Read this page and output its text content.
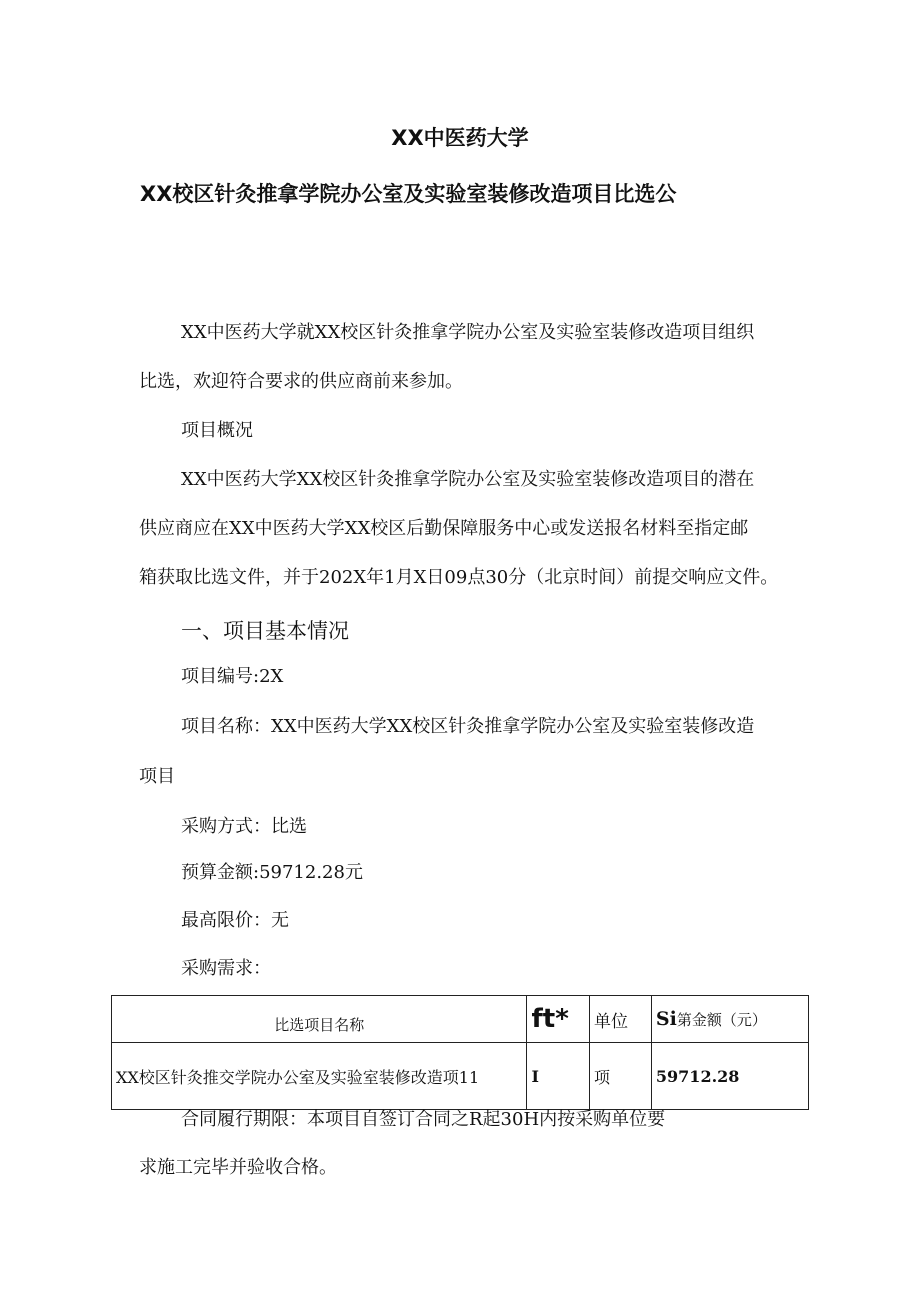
XX中医药大学
XX校区针灸推拿学院办公室及实验室装修改造项目比选公
XX中医药大学就XX校区针灸推拿学院办公室及实验室装修改造项目组织
比选，欢迎符合要求的供应商前来参加。
项目概况
XX中医药大学XX校区针灸推拿学院办公室及实验室装修改造项目的潜在
供应商应在XX中医药大学XX校区后勤保障服务中心或发送报名材料至指定邮
箱获取比选文件，并于202X年1月X日09点30分（北京时间）前提交响应文件。
一、项目基本情况
项目编号:2X
项目名称：XX中医药大学XX校区针灸推拿学院办公室及实验室装修改造
项目
采购方式：比选
预算金额:59712.28元
最高限价：无
采购需求：
比选项目名称	ft*	单位	Si第金额（元）
XX校区针灸推交学院办公室及实验室装修改造项11	I	项	59712.28
合同履行期限：本项目自签订合同之R起30H内按采购单位要
求施工完毕并验收合格。
